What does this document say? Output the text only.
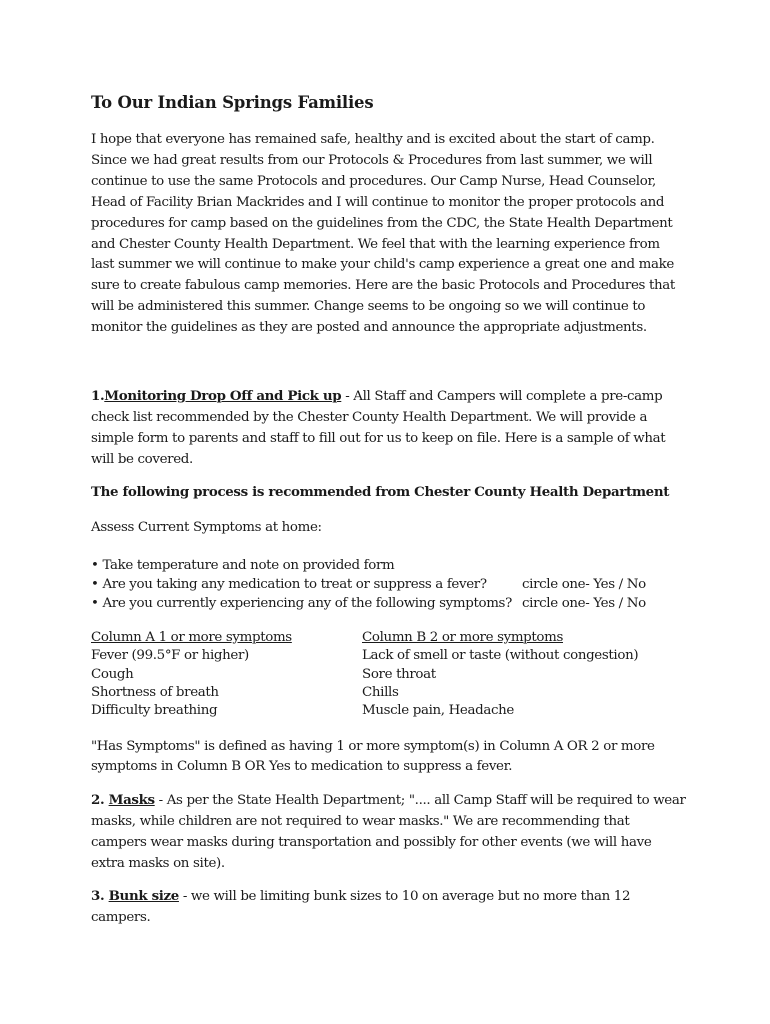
To Our Indian Springs Families

I hope that everyone has remained safe, healthy and is excited about the start of camp.

Since we had great results from our Protocols & Procedures from last summer, we will

continue to use the same Protocols and procedures. Our Camp Nurse, Head Counselor,

Head of Facility Brian Mackrides and I will continue to monitor the proper protocols and

procedures for camp based on the guidelines from the CDC, the State Health Department

and Chester County Health Department. We feel that with the learning experience from

last summer we will continue to make your child's camp experience a great one and make

sure to create fabulous camp memories. Here are the basic Protocols and Procedures that

will be administered this summer. Change seems to be ongoing so we will continue to

monitor the guidelines as they are posted and announce the appropriate adjustments.

1.Monitoring Drop Off and Pick up - All Staff and Campers will complete a pre-camp

check list recommended by the Chester County Health Department. We will provide a

simple form to parents and staff to fill out for us to keep on file. Here is a sample of what

will be covered.

The following process is recommended from Chester County Health Department

Assess Current Symptoms at home:

• Take temperature and note on provided form
• Are you taking any medication to treat or suppress a fever?	circle one- Yes / No
• Are you currently experiencing any of the following symptoms? circle one- Yes / No
Column A 1 or more symptoms
Fever (99.5°F or higher)
Cough
Shortness of breath
Difficulty breathing
Column B 2 or more symptoms
Lack of smell or taste (without congestion)
Sore throat
Chills
Muscle pain, Headache

"Has Symptoms" is defined as having 1 or more symptom(s) in Column A OR 2 or more

symptoms in Column B OR Yes to medication to suppress a fever.

2. Masks - As per the State Health Department; ".... all Camp Staff will be required to wear

masks, while children are not required to wear masks." We are recommending that

campers wear masks during transportation and possibly for other events (we will have

extra masks on site).

3. Bunk size - we will be limiting bunk sizes to 10 on average but no more than 12

campers.
